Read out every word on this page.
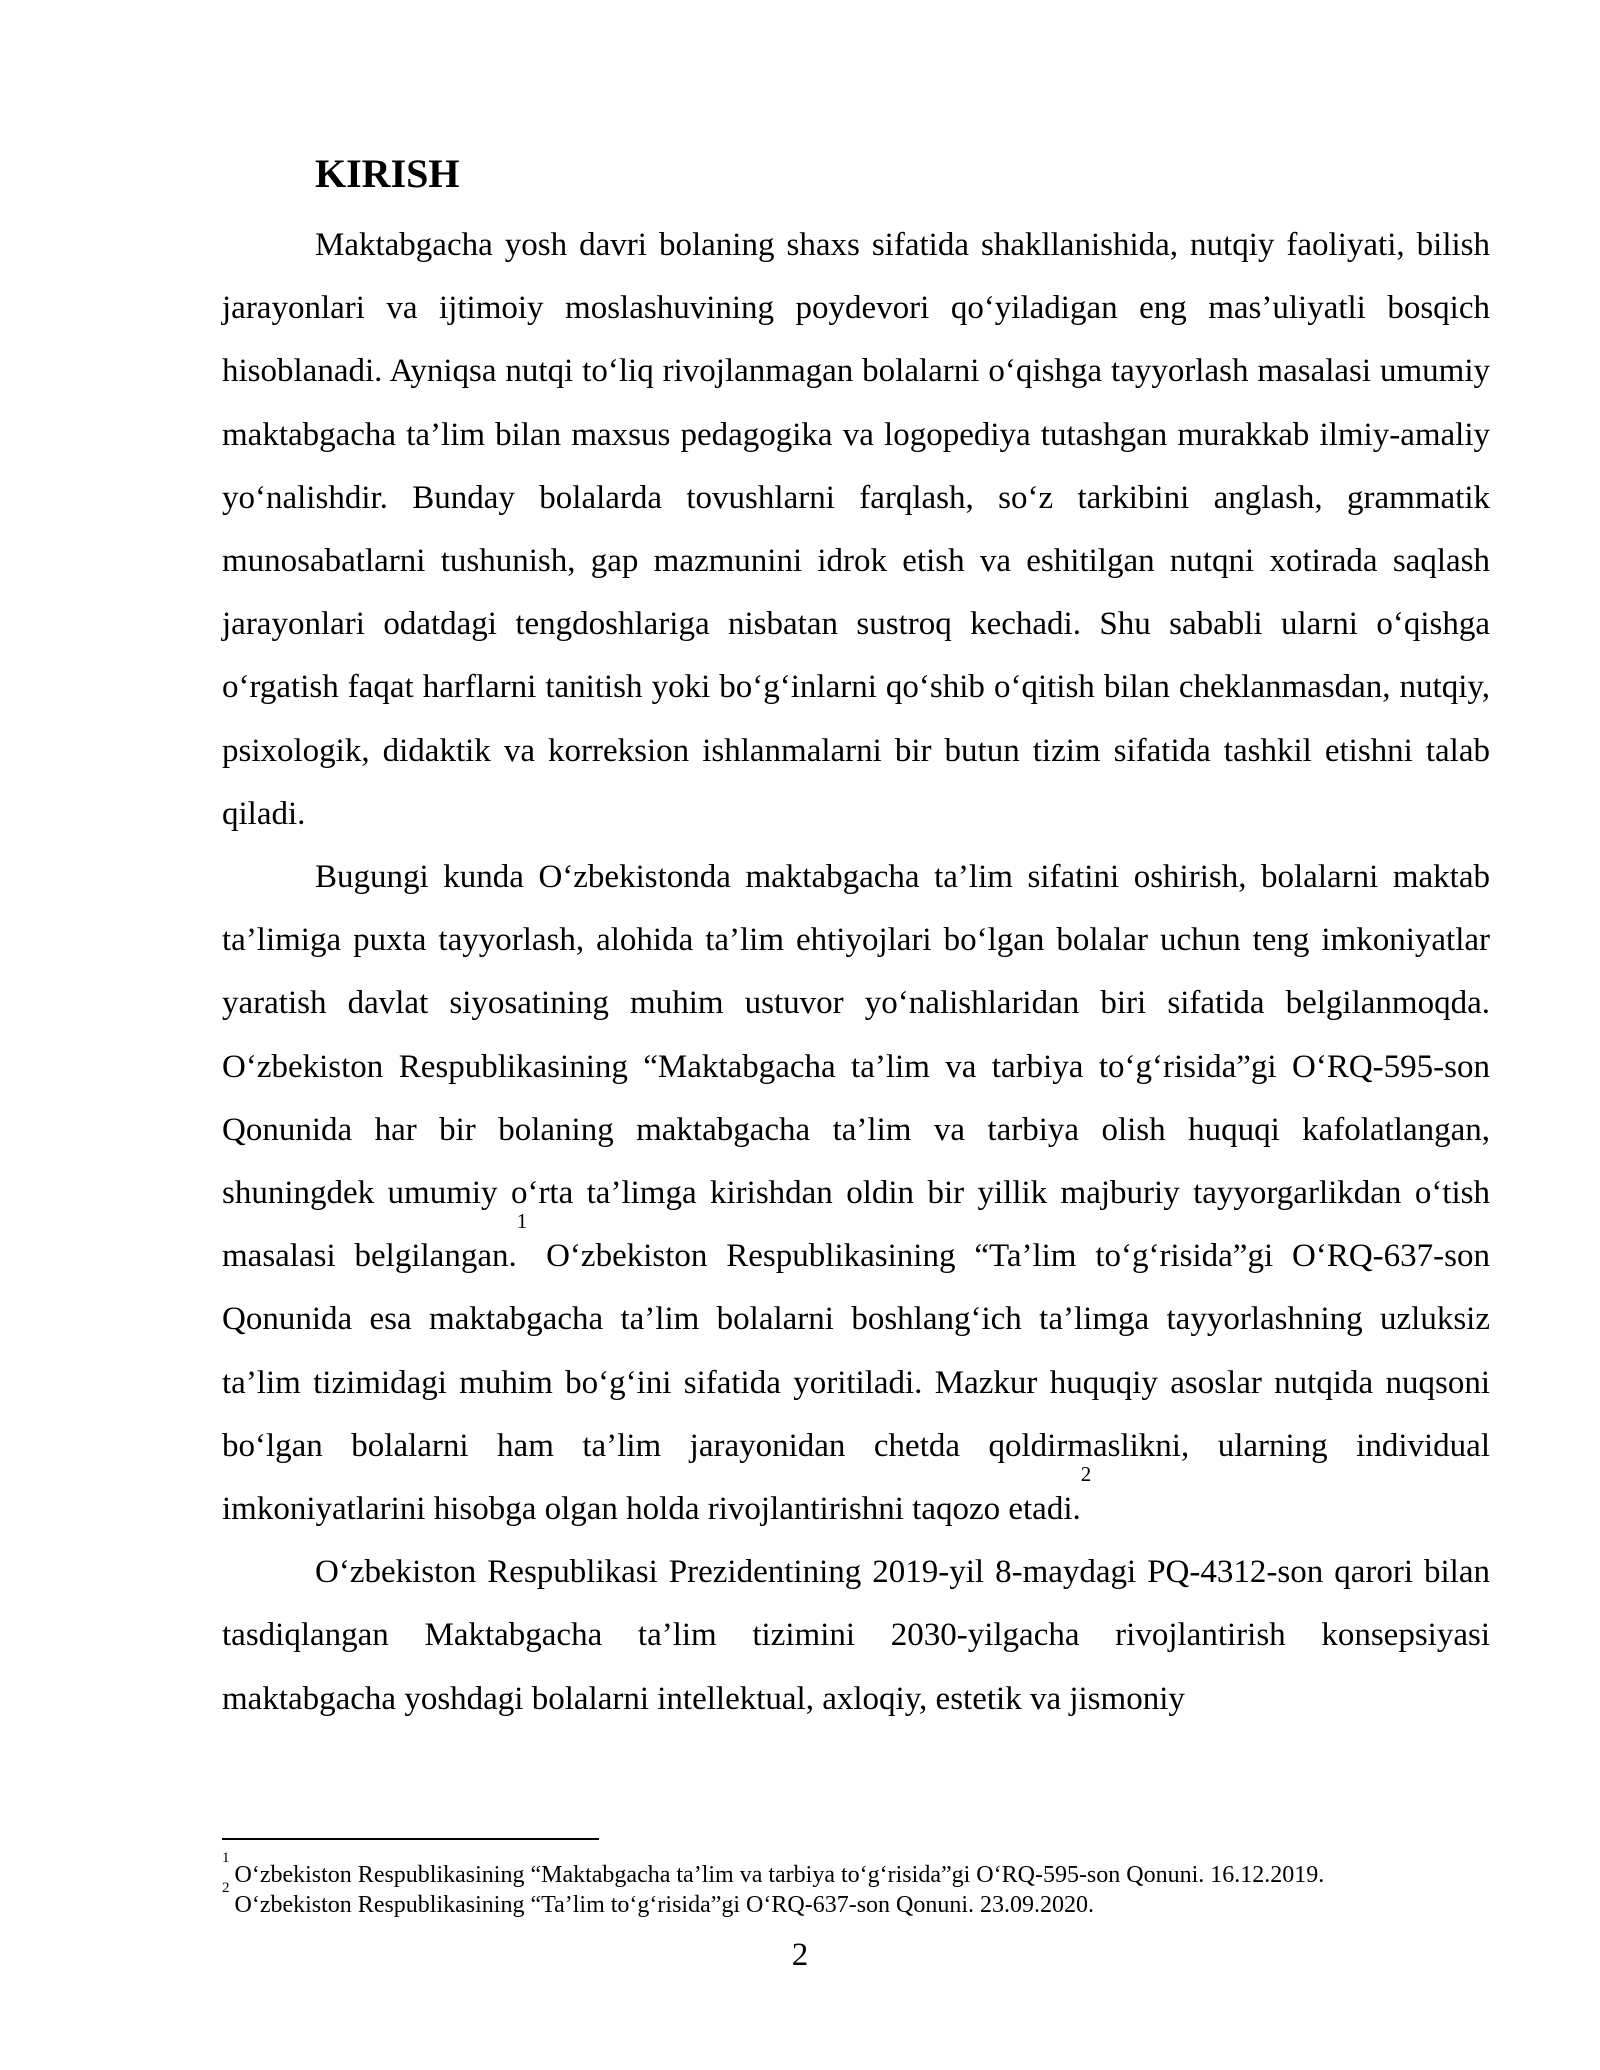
KIRISH

Maktabgacha yosh davri bolaning shaxs sifatida shakllanishida, nutqiy faoliyati, bilish jarayonlari va ijtimoiy moslashuvining poydevori qo‘yiladigan eng mas’uliyatli bosqich hisoblanadi. Ayniqsa nutqi to‘liq rivojlanmagan bolalarni o‘qishga tayyorlash masalasi umumiy maktabgacha ta’lim bilan maxsus pedagogika va logopediya tutashgan murakkab ilmiy-amaliy yo‘nalishdir. Bunday bolalarda tovushlarni farqlash, so‘z tarkibini anglash, grammatik munosabatlarni tushunish, gap mazmunini idrok etish va eshitilgan nutqni xotirada saqlash jarayonlari odatdagi tengdoshlariga nisbatan sustroq kechadi. Shu sababli ularni o‘qishga o‘rgatish faqat harflarni tanitish yoki bo‘g‘inlarni qo‘shib o‘qitish bilan cheklanmasdan, nutqiy, psixologik, didaktik va korreksion ishlanmalarni bir butun tizim sifatida tashkil etishni talab qiladi.

Bugungi kunda O‘zbekistonda maktabgacha ta’lim sifatini oshirish, bolalarni maktab ta’limiga puxta tayyorlash, alohida ta’lim ehtiyojlari bo‘lgan bolalar uchun teng imkoniyatlar yaratish davlat siyosatining muhim ustuvor yo‘nalishlaridan biri sifatida belgilanmoqda. O‘zbekiston Respublikasining “Maktabgacha ta’lim va tarbiya to‘g‘risida”gi O‘RQ-595-son Qonunida har bir bolaning maktabgacha ta’lim va tarbiya olish huquqi kafolatlangan, shuningdek umumiy o‘rta ta’limga kirishdan oldin bir yillik majburiy tayyorgarlikdan o‘tish masalasi belgilangan.$^1$ O‘zbekiston Respublikasining “Ta’lim to‘g‘risida”gi O‘RQ-637-son Qonunida esa maktabgacha ta’lim bolalarni boshlang‘ich ta’limga tayyorlashning uzluksiz ta’lim tizimidagi muhim bo‘g‘ini sifatida yoritiladi. Mazkur huquqiy asoslar nutqida nuqsoni bo‘lgan bolalarni ham ta’lim jarayonidan chetda qoldirmaslikni, ularning individual imkoniyatlarini hisobga olgan holda rivojlantirishni taqozo etadi.$^2$

O‘zbekiston Respublikasi Prezidentining 2019-yil 8-maydagi PQ-4312-son qarori bilan tasdiqlangan Maktabgacha ta’lim tizimini 2030-yilgacha rivojlantirish konsepsiyasi maktabgacha yoshdagi bolalarni intellektual, axloqiy, estetik va jismoniy

$^1$O‘zbekiston Respublikasining “Maktabgacha ta’lim va tarbiya to‘g‘risida”gi O‘RQ-595-son Qonuni. 16.12.2019.

$^2$O‘zbekiston Respublikasining “Ta’lim to‘g‘risida”gi O‘RQ-637-son Qonuni. 23.09.2020.

2
